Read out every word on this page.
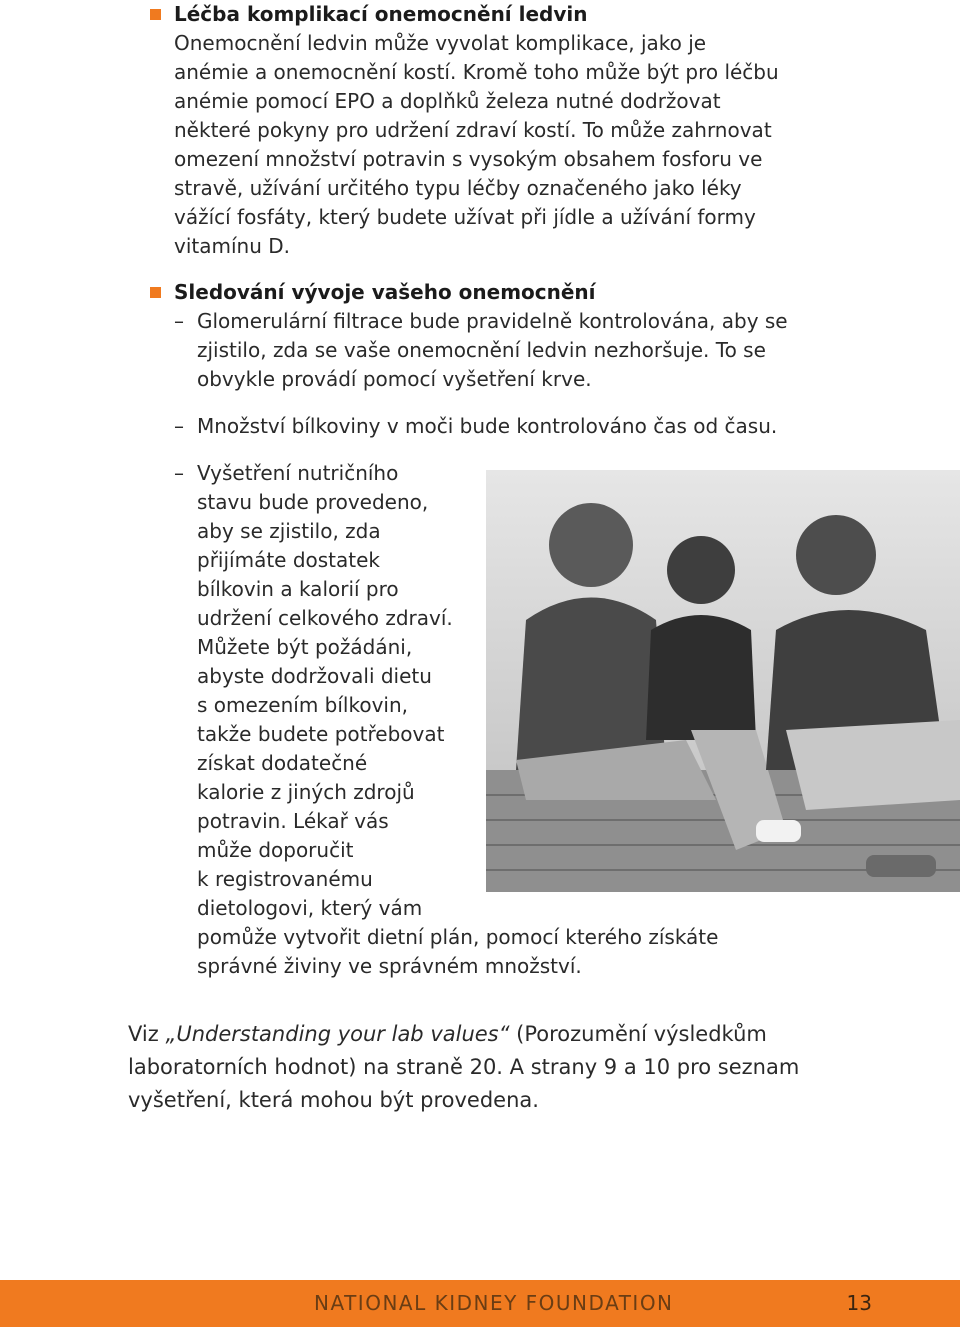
Léčba komplikací onemocnění ledvin
Onemocnění ledvin může vyvolat komplikace, jako je
anémie a onemocnění kostí. Kromě toho může být pro léčbu
anémie pomocí EPO a doplňků železa nutné dodržovat
některé pokyny pro udržení zdraví kostí. To může zahrnovat
omezení množství potravin s vysokým obsahem fosforu ve
stravě, užívání určitého typu léčby označeného jako léky
vážící fosfáty, který budete užívat při jídle a užívání formy
vitamínu D.
Sledování vývoje vašeho onemocnění
– Glomerulární filtrace bude pravidelně kontrolována, aby se
zjistilo, zda se vaše onemocnění ledvin nezhoršuje. To se
obvykle provádí pomocí vyšetření krve.
– Množství bílkoviny v moči bude kontrolováno čas od času.
– Vyšetření nutričního
stavu bude provedeno,
aby se zjistilo, zda
přijímáte dostatek
bílkovin a kalorií pro
udržení celkového zdraví.
Můžete být požádáni,
abyste dodržovali dietu
s omezením bílkovin,
takže budete potřebovat
získat dodatečné
kalorie z jiných zdrojů
potravin. Lékař vás
může doporučit
k registrovanému
dietologovi, který vám
pomůže vytvořit dietní plán, pomocí kterého získáte
správné živiny ve správném množství.
Viz „Understanding your lab values“ (Porozumění výsledkům
laboratorních hodnot) na straně 20. A strany 9 a 10 pro seznam
vyšetření, která mohou být provedena.
NATIONAL KIDNEY FOUNDATION	13
